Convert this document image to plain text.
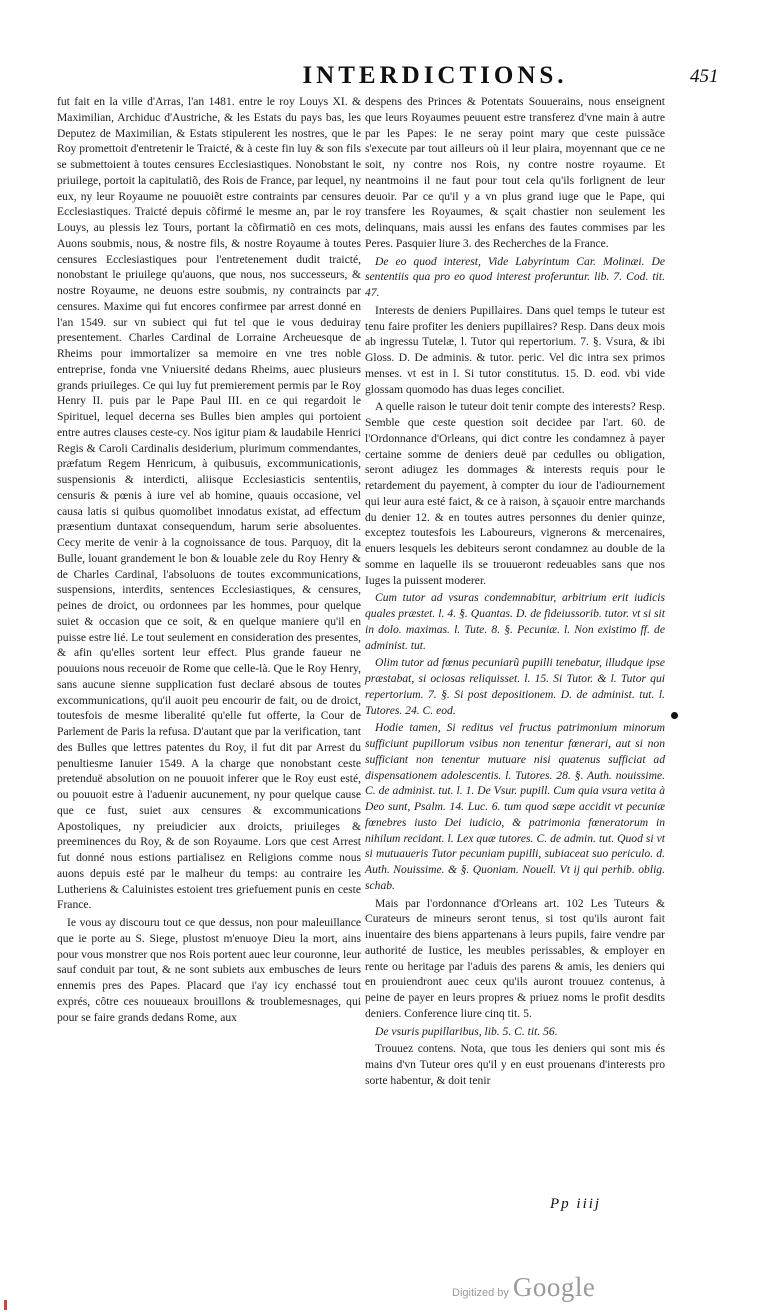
INTERDICTIONS.	451

fut fait en la ville d'Arras, l'an 1481. entre le roy Louys XI. & Maximilian, Archiduc d'Austriche, & les Estats du pays bas, les Deputez de Maximilian, & Estats stipulerent les nostres, que le Roy promettoit d'entretenir le Traicté, & à ceste fin luy & son fils se submettoient à toutes censures Ecclesiastiques. Nonobstant le priuilege, portoit la capitulatiõ, des Rois de France, par lequel, ny eux, ny leur Royaume ne pouuoiẽt estre contraints par censures Ecclesiastiques. Traicté depuis cõfirmé le mesme an, par le roy Louys, au plessis lez Tours, portant la cõfirmatiõ en ces mots, Auons soubmis, nous, & nostre fils, & nostre Royaume à toutes censures Ecclesiastiques pour l'entretenement dudit traicté, nonobstant le priuilege qu'auons, que nous, nos successeurs, & nostre Royaume, ne deuons estre soubmis, ny contraincts par censures. Maxime qui fut encores confirmee par arrest donné en l'an 1549. sur vn subiect qui fut tel que ie vous deduiray presentement. Charles Cardinal de Lorraine Archeuesque de Rheims pour immortalizer sa memoire en vne tres noble entreprise, fonda vne Vniuersité dedans Rheims, auec plusieurs grands priuileges. Ce qui luy fut premierement permis par le Roy Henry II. puis par le Pape Paul III. en ce qui regardoit le Spirituel, lequel decerna ses Bulles bien amples qui portoient entre autres clauses ceste-cy. Nos igitur piam & laudabile Henrici Regis & Caroli Cardinalis desiderium, plurimum commendantes, præfatum Regem Henricum, à quibusuis, excommunicationis, suspensionis & interdicti, aliisque Ecclesiasticis sententiis, censuris & pœnis à iure vel ab homine, quauis occasione, vel causa latis si quibus quomolibet innodatus existat, ad effectum præsentium duntaxat consequendum, harum serie absoluentes. Cecy merite de venir à la cognoissance de tous. Parquoy, dit la Bulle, louant grandement le bon & louable zele du Roy Henry & de Charles Cardinal, l'absoluons de toutes excommunications, suspensions, interdits, sentences Ecclesiastiques, & censures, peines de droict, ou ordonnees par les hommes, pour quelque suiet & occasion que ce soit, & en quelque maniere qu'il en puisse estre lié. Le tout seulement en consideration des presentes, & afin qu'elles sortent leur effect. Plus grande faueur ne pouuions nous receuoir de Rome que celle-là. Que le Roy Henry, sans aucune sienne supplication fust declaré absous de toutes excommunications, qu'il auoit peu encourir de fait, ou de droict, toutesfois de mesme liberalité qu'elle fut offerte, la Cour de Parlement de Paris la refusa. D'autant que par la verification, tant des Bulles que lettres patentes du Roy, il fut dit par Arrest du penultiesme Ianuier 1549. A la charge que nonobstant ceste pretenduë absolution on ne pouuoit inferer que le Roy eust esté, ou pouuoit estre à l'aduenir aucunement, ny pour quelque cause que ce fust, suiet aux censures & excommunications Apostoliques, ny preiudicier aux droicts, priuileges & preeminences du Roy, & de son Royaume. Lors que cest Arrest fut donné nous estions partialisez en Religions comme nous auons depuis esté par le malheur du temps: au contraire les Lutheriens & Caluinistes estoient tres griefuement punis en ceste France.

Ie vous ay discouru tout ce que dessus, non pour maleuillance que ie porte au S. Siege, plustost m'enuoye Dieu la mort, ains pour vous monstrer que nos Rois portent auec leur couronne, leur sauf conduit par tout, & ne sont subiets aux embusches de leurs ennemis pres des Papes. Placard que i'ay icy enchassé tout exprés, côtre ces nouueaux brouillons & troublemesnages, qui pour se faire grands dedans Rome, aux

despens des Princes & Potentats Souuerains, nous enseignent que leurs Royaumes peuuent estre transferez d'vne main à autre par les Papes: Ie ne seray point mary que ceste puissãce s'execute par tout ailleurs où il leur plaira, moyennant que ce ne soit, ny contre nos Rois, ny contre nostre royaume. Et neantmoins il ne faut pour tout cela qu'ils forlignent de leur deuoir. Par ce qu'il y a vn plus grand iuge que le Pape, qui transfere les Royaumes, & sçait chastier non seulement les delinquans, mais aussi les enfans des fautes commises par les Peres. Pasquier liure 3. des Recherches de la France.

De eo quod interest, Vide Labyrintum Car. Molinæi. De sententiis qua pro eo quod interest proferuntur. lib. 7. Cod. tit. 47.

Interests de deniers Pupillaires. Dans quel temps le tuteur est tenu faire profiter les deniers pupillaires? Resp. Dans deux mois ab ingressu Tutelæ, l. Tutor qui repertorium. 7. §. Vsura, & ibi Gloss. D. De adminis. & tutor. peric. Vel dic intra sex primos menses. vt est in l. Si tutor constitutus. 15. D. eod. vbi vide glossam quomodo has duas leges conciliet.

A quelle raison le tuteur doit tenir compte des interests? Resp. Semble que ceste question soit decidee par l'art. 60. de l'Ordonnance d'Orleans, qui dict contre les condamnez à payer certaine somme de deniers deuë par cedulles ou obligation, seront adiugez les dommages & interests requis pour le retardement du payement, à compter du iour de l'adiournement qui leur aura esté faict, & ce à raison, à sçauoir entre marchands du denier 12. & en toutes autres personnes du denier quinze, exceptez toutesfois les Laboureurs, vignerons & mercenaires, enuers lesquels les debiteurs seront condamnez au double de la somme en laquelle ils se trouueront redeuables sans que nos Iuges la puissent moderer.

Cum tutor ad vsuras condemnabitur, arbitrium erit iudicis quales præstet. l. 4. §. Quantas. D. de fideiussorib. tutor. vt si sit in dolo. maximas. l. Tute. 8. §. Pecuniæ. l. Non existimo ff. de administ. tut.

Olim tutor ad fœnus pecuniarũ pupilli tenebatur, illudque ipse præstabat, si ociosas reliquisset. l. 15. Si Tutor. & l. Tutor qui repertorium. 7. §. Si post depositionem. D. de administ. tut. l. Tutores. 24. C. eod.

Hodie tamen, Si reditus vel fructus patrimonium minorum sufficiunt pupillorum vsibus non tenentur fœnerari, aut si non sufficiant non tenentur mutuare nisi quatenus sufficiat ad dispensationem adolescentis. l. Tutores. 28. §. Auth. nouissime. C. de administ. tut. l. 1. De Vsur. pupill. Cum quia vsura vetita à Deo sunt, Psalm. 14. Luc. 6. tum quod sæpe accidit vt pecuniæ fœnebres iusto Dei iudicio, & patrimonia fœneratorum in nihilum recidant. l. Lex quæ tutores. C. de admin. tut. Quod si vt si mutuaueris Tutor pecuniam pupilli, subiaceat suo periculo. d. Auth. Nouissime. & §. Quoniam. Nouell. Vt ij qui perhib. oblig. schab.

Mais par l'ordonnance d'Orleans art. 102 Les Tuteurs & Curateurs de mineurs seront tenus, si tost qu'ils auront fait inuentaire des biens appartenans à leurs pupils, faire vendre par authorité de Iustice, les meubles perissables, & employer en rente ou heritage par l'aduis des parens & amis, les deniers qui en prouiendront auec ceux qu'ils auront trouuez contenus, à peine de payer en leurs propres & priuez noms le profit desdits deniers. Conference liure cinq tit. 5.

De vsuris pupillaribus, lib. 5. C. tit. 56.

Trouuez contens. Nota, que tous les deniers qui sont mis és mains d'vn Tuteur ores qu'il y en eust prouenans d'interests pro sorte habentur, & doit tenir

Pp iiij
Digitized by Google
